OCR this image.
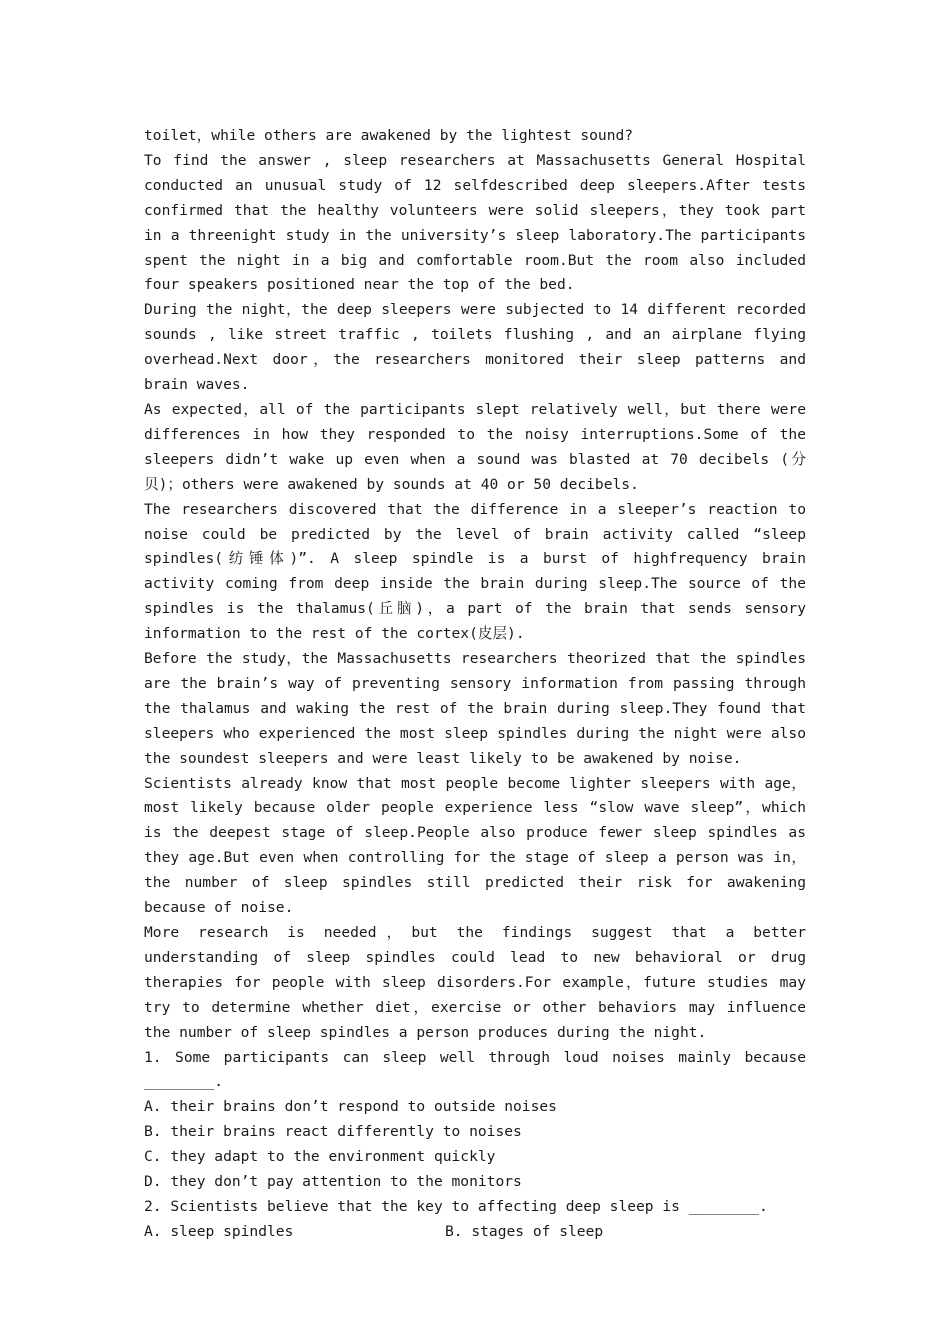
toilet，while others are awakened by the lightest sound?

To find the answer , sleep researchers at Massachusetts General Hospital conducted an unusual study of 12 selfdescribed deep sleepers.After tests confirmed that the healthy volunteers were solid sleepers，they took part in a threenight study in the university’s sleep laboratory.The participants spent the night in a big and comfortable room.But the room also included four speakers positioned near the top of the bed.

During the night，the deep sleepers were subjected to 14 different recorded sounds , like street traffic , toilets flushing , and an airplane flying overhead.Next door，the researchers monitored their sleep patterns and brain waves.

As expected，all of the participants slept relatively well，but there were differences in how they responded to the noisy interruptions.Some of the sleepers didn’t wake up even when a sound was blasted at 70 decibels (分贝)；others were awakened by sounds at 40 or 50 decibels.

The researchers discovered that the difference in a sleeper’s reaction to noise could be predicted by the level of brain activity called “sleep spindles(纺锤体)”. A sleep spindle is a burst of highfrequency brain activity coming from deep inside the brain during sleep.The source of the spindles is the thalamus(丘脑)，a part of the brain that sends sensory information to the rest of the cortex(皮层).

Before the study，the Massachusetts researchers theorized that the spindles are the brain’s way of preventing sensory information from passing through the thalamus and waking the rest of the brain during sleep.They found that sleepers who experienced the most sleep spindles during the night were also the soundest sleepers and were least likely to be awakened by noise.

Scientists already know that most people become lighter sleepers with age，most likely because older people experience less “slow wave sleep”，which is the deepest stage of sleep.People also produce fewer sleep spindles as they age.But even when controlling for the stage of sleep a person was in，the number of sleep spindles still predicted their risk for awakening because of noise.

More research is needed，but the findings suggest that a better understanding of sleep spindles could lead to new behavioral or drug therapies for people with sleep disorders.For example，future studies may try to determine whether diet，exercise or other behaviors may influence the number of sleep spindles a person produces during the night.

1. Some participants can sleep well through loud noises mainly because ________.

A. their brains don’t respond to outside noises

B. their brains react differently to noises

C. they adapt to the environment quickly

D. they don’t pay attention to the monitors

2. Scientists believe that the key to affecting deep sleep is ________.

A. sleep spindles	B. stages of sleep
